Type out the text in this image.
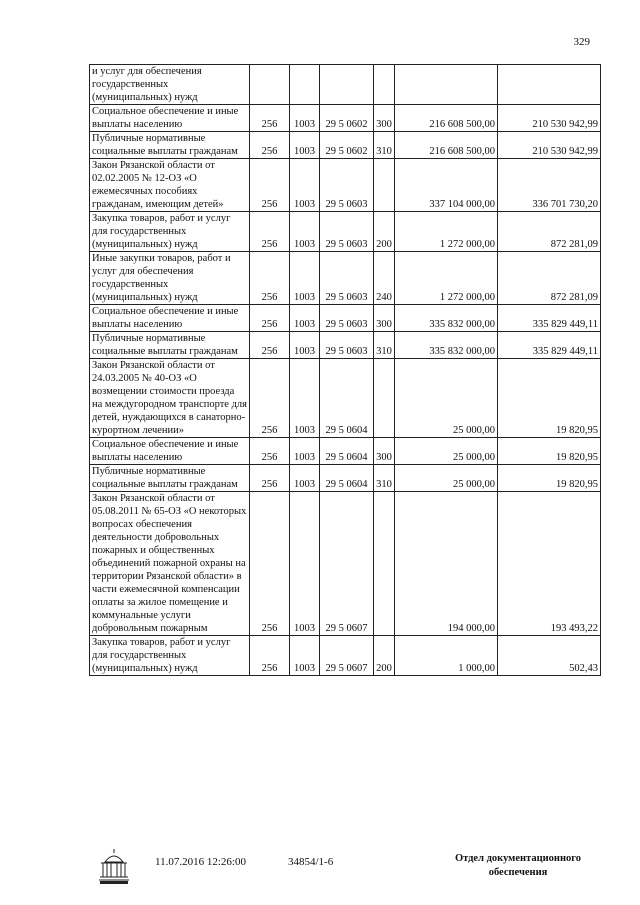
329
и услуг для обеспечения государственных (муниципальных) нужд						
Социальное обеспечение и иные выплаты населению	256	1003	29 5 0602	300	216 608 500,00	210 530 942,99
Публичные нормативные социальные выплаты гражданам	256	1003	29 5 0602	310	216 608 500,00	210 530 942,99
Закон Рязанской области от 02.02.2005 № 12-ОЗ «О ежемесячных пособиях гражданам, имеющим детей»	256	1003	29 5 0603		337 104 000,00	336 701 730,20
Закупка товаров, работ и услуг для государственных (муниципальных) нужд	256	1003	29 5 0603	200	1 272 000,00	872 281,09
Иные закупки товаров, работ и услуг для обеспечения государственных (муниципальных) нужд	256	1003	29 5 0603	240	1 272 000,00	872 281,09
Социальное обеспечение и иные выплаты населению	256	1003	29 5 0603	300	335 832 000,00	335 829 449,11
Публичные нормативные социальные выплаты гражданам	256	1003	29 5 0603	310	335 832 000,00	335 829 449,11
Закон Рязанской области от 24.03.2005 № 40-ОЗ «О возмещении стоимости проезда на междугородном транспорте для детей, нуждающихся в санаторно-курортном лечении»	256	1003	29 5 0604		25 000,00	19 820,95
Социальное обеспечение и иные выплаты населению	256	1003	29 5 0604	300	25 000,00	19 820,95
Публичные нормативные социальные выплаты гражданам	256	1003	29 5 0604	310	25 000,00	19 820,95
Закон Рязанской области от 05.08.2011 № 65-ОЗ «О некоторых вопросах обеспечения деятельности добровольных пожарных и общественных объединений пожарной охраны на территории Рязанской области» в части ежемесячной компенсации оплаты за жилое помещение и коммунальные услуги добровольным пожарным	256	1003	29 5 0607		194 000,00	193 493,22
Закупка товаров, работ и услуг для государственных (муниципальных) нужд	256	1003	29 5 0607	200	1 000,00	502,43
11.07.2016 12:26:00	34854/1-6	Отдел документационного обеспечения
